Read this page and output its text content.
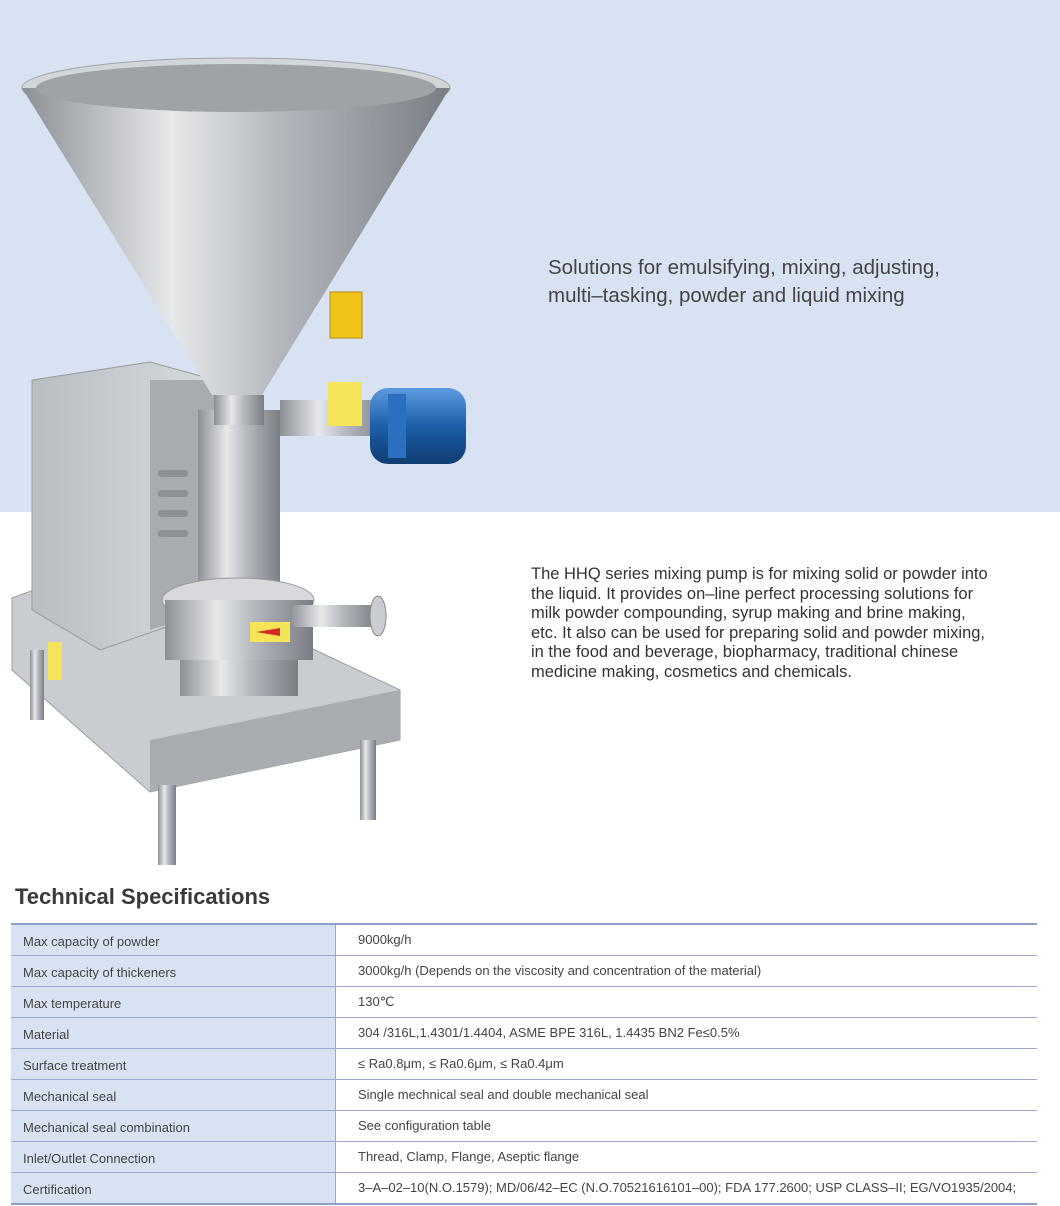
Solutions for emulsifying, mixing, adjusting,
multi–tasking, powder and liquid mixing
The HHQ series mixing pump is for mixing solid or powder into
the liquid. It provides on–line perfect processing solutions for
milk powder compounding, syrup making and brine making,
etc. It also can be used for preparing solid and powder mixing,
in the food and beverage, biopharmacy, traditional chinese
medicine making, cosmetics and chemicals.
Technical Specifications
Max capacity of powder	9000kg/h
Max capacity of thickeners	3000kg/h (Depends on the viscosity and concentration of the material)
Max temperature	130℃
Material	304 /316L,1.4301/1.4404, ASME BPE 316L, 1.4435 BN2 Fe≤0.5%
Surface treatment	≤ Ra0.8μm, ≤ Ra0.6μm, ≤ Ra0.4μm
Mechanical seal	Single mechnical seal and double mechanical seal
Mechanical seal combination	See configuration table
Inlet/Outlet Connection	Thread, Clamp, Flange, Aseptic flange
Certification	3–A–02–10(N.O.1579); MD/06/42–EC (N.O.70521616101–00); FDA 177.2600; USP CLASS–II; EG/VO1935/2004;
